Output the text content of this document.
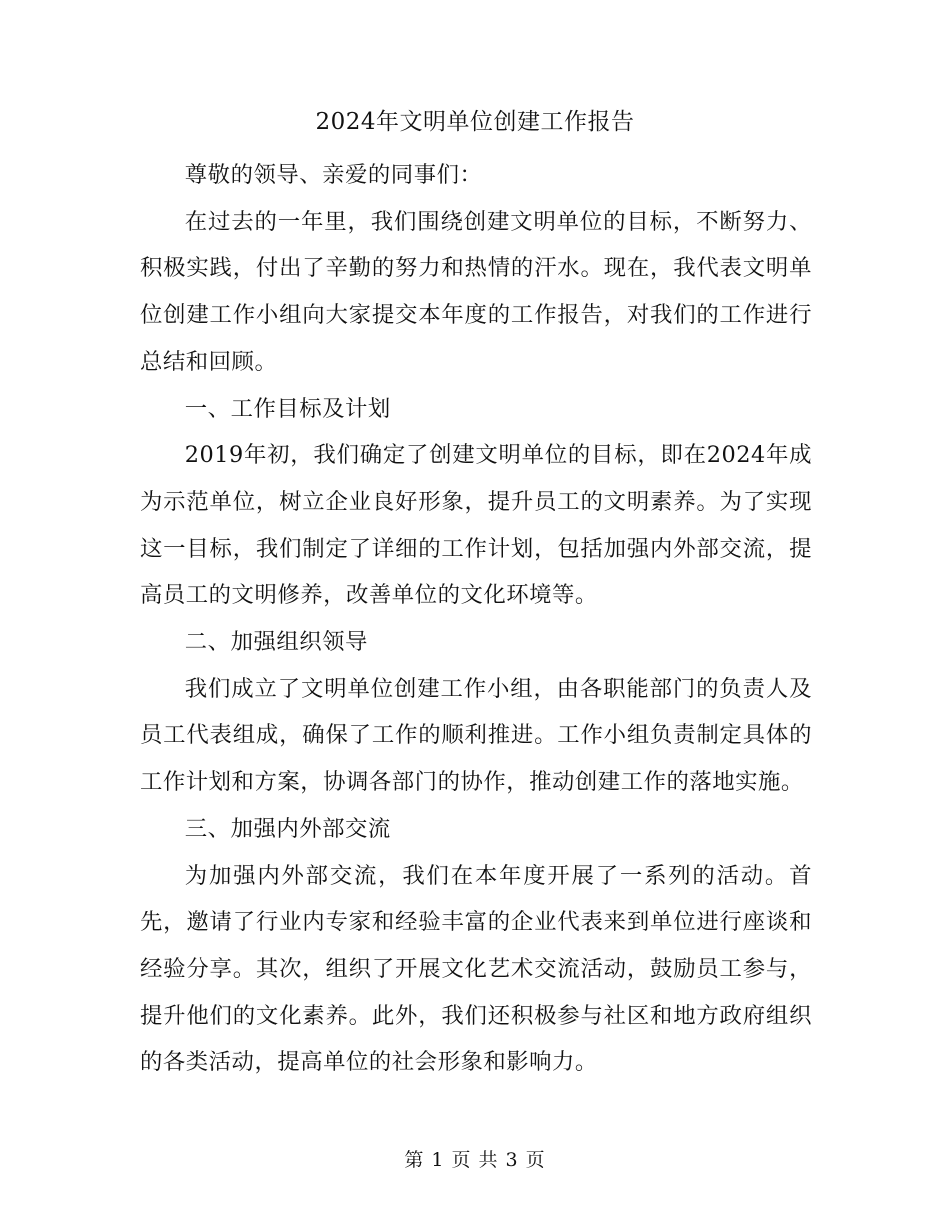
2024年文明单位创建工作报告

尊敬的领导、亲爱的同事们：

在过去的一年里，我们围绕创建文明单位的目标，不断努力、积极实践，付出了辛勤的努力和热情的汗水。现在，我代表文明单位创建工作小组向大家提交本年度的工作报告，对我们的工作进行总结和回顾。

一、工作目标及计划

2019年初，我们确定了创建文明单位的目标，即在2024年成为示范单位，树立企业良好形象，提升员工的文明素养。为了实现这一目标，我们制定了详细的工作计划，包括加强内外部交流，提高员工的文明修养，改善单位的文化环境等。

二、加强组织领导

我们成立了文明单位创建工作小组，由各职能部门的负责人及员工代表组成，确保了工作的顺利推进。工作小组负责制定具体的工作计划和方案，协调各部门的协作，推动创建工作的落地实施。

三、加强内外部交流

为加强内外部交流，我们在本年度开展了一系列的活动。首先，邀请了行业内专家和经验丰富的企业代表来到单位进行座谈和经验分享。其次，组织了开展文化艺术交流活动，鼓励员工参与，提升他们的文化素养。此外，我们还积极参与社区和地方政府组织的各类活动，提高单位的社会形象和影响力。

第 1 页 共 3 页
